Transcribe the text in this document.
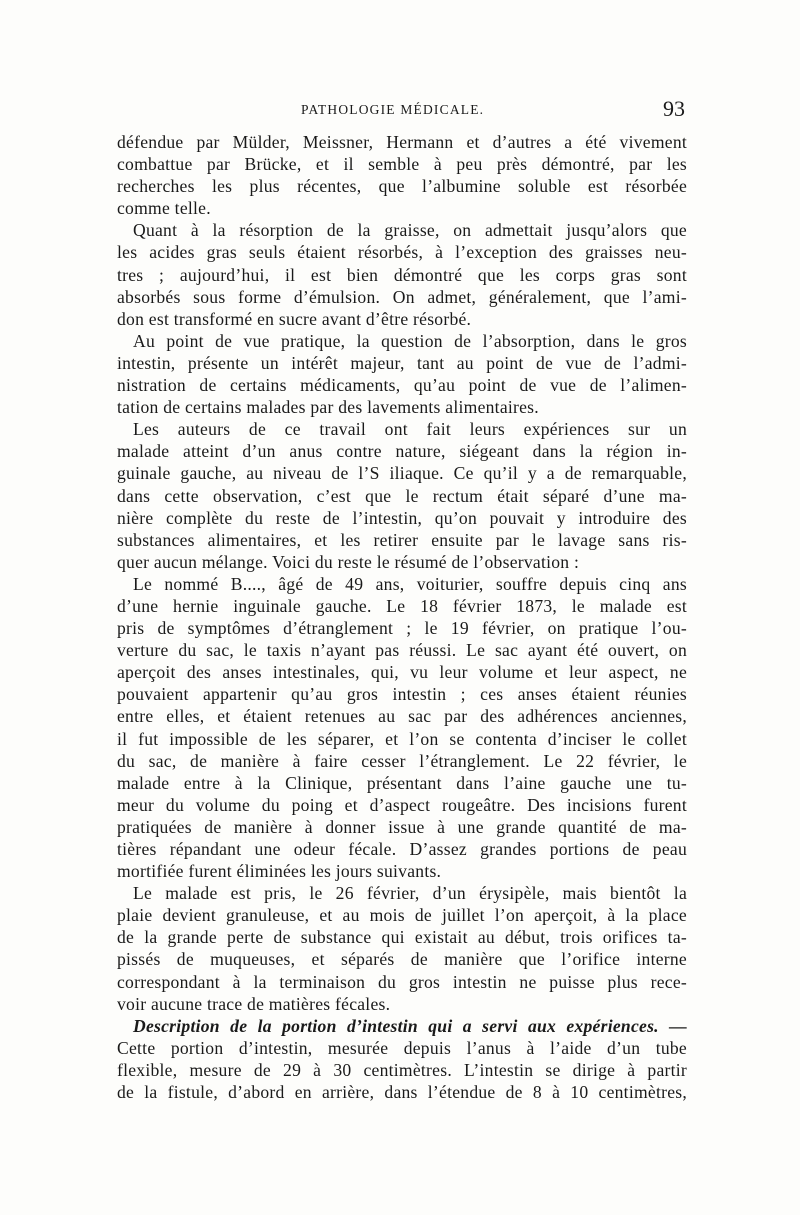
PATHOLOGIE MÉDICALE.	93

défendue par Mülder, Meissner, Hermann et d’autres a été vivement

combattue par Brücke, et il semble à peu près démontré, par les

recherches les plus récentes, que l’albumine soluble est résorbée

comme telle.

Quant à la résorption de la graisse, on admettait jusqu’alors que

les acides gras seuls étaient résorbés, à l’exception des graisses neu-

tres ; aujourd’hui, il est bien démontré que les corps gras sont

absorbés sous forme d’émulsion. On admet, généralement, que l’ami-

don est transformé en sucre avant d’être résorbé.

Au point de vue pratique, la question de l’absorption, dans le gros

intestin, présente un intérêt majeur, tant au point de vue de l’admi-

nistration de certains médicaments, qu’au point de vue de l’alimen-

tation de certains malades par des lavements alimentaires.

Les auteurs de ce travail ont fait leurs expériences sur un

malade atteint d’un anus contre nature, siégeant dans la région in-

guinale gauche, au niveau de l’S iliaque. Ce qu’il y a de remarquable,

dans cette observation, c’est que le rectum était séparé d’une ma-

nière complète du reste de l’intestin, qu’on pouvait y introduire des

substances alimentaires, et les retirer ensuite par le lavage sans ris-

quer aucun mélange. Voici du reste le résumé de l’observation :

Le nommé B...., âgé de 49 ans, voiturier, souffre depuis cinq ans

d’une hernie inguinale gauche. Le 18 février 1873, le malade est

pris de symptômes d’étranglement ; le 19 février, on pratique l’ou-

verture du sac, le taxis n’ayant pas réussi. Le sac ayant été ouvert, on

aperçoit des anses intestinales, qui, vu leur volume et leur aspect, ne

pouvaient appartenir qu’au gros intestin ; ces anses étaient réunies

entre elles, et étaient retenues au sac par des adhérences anciennes,

il fut impossible de les séparer, et l’on se contenta d’inciser le collet

du sac, de manière à faire cesser l’étranglement. Le 22 février, le

malade entre à la Clinique, présentant dans l’aine gauche une tu-

meur du volume du poing et d’aspect rougeâtre. Des incisions furent

pratiquées de manière à donner issue à une grande quantité de ma-

tières répandant une odeur fécale. D’assez grandes portions de peau

mortifiée furent éliminées les jours suivants.

Le malade est pris, le 26 février, d’un érysipèle, mais bientôt la

plaie devient granuleuse, et au mois de juillet l’on aperçoit, à la place

de la grande perte de substance qui existait au début, trois orifices ta-

pissés de muqueuses, et séparés de manière que l’orifice interne

correspondant à la terminaison du gros intestin ne puisse plus rece-

voir aucune trace de matières fécales.

Description de la portion d’intestin qui a servi aux expériences. —

Cette portion d’intestin, mesurée depuis l’anus à l’aide d’un tube

flexible, mesure de 29 à 30 centimètres. L’intestin se dirige à partir

de la fistule, d’abord en arrière, dans l’étendue de 8 à 10 centimètres,
